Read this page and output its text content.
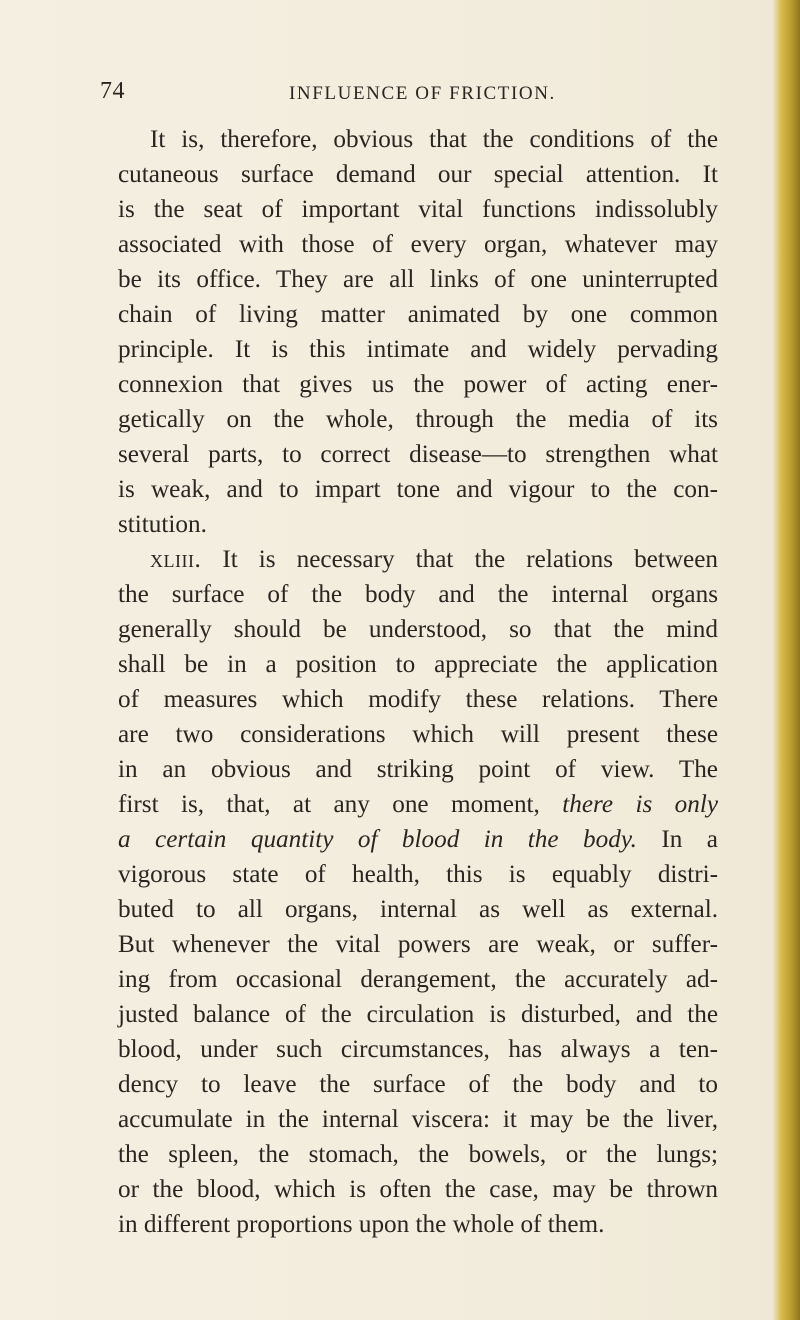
74	INFLUENCE OF FRICTION.
It is, therefore, obvious that the conditions of the
cutaneous surface demand our special attention. It
is the seat of important vital functions indissolubly
associated with those of every organ, whatever may
be its office. They are all links of one uninterrupted
chain of living matter animated by one common
principle. It is this intimate and widely pervading
connexion that gives us the power of acting ener-
getically on the whole, through the media of its
several parts, to correct disease—to strengthen what
is weak, and to impart tone and vigour to the con-
stitution.
xliii. It is necessary that the relations between
the surface of the body and the internal organs
generally should be understood, so that the mind
shall be in a position to appreciate the application
of measures which modify these relations. There
are two considerations which will present these
in an obvious and striking point of view. The
first is, that, at any one moment, there is only
a certain quantity of blood in the body. In a
vigorous state of health, this is equably distri-
buted to all organs, internal as well as external.
But whenever the vital powers are weak, or suffer-
ing from occasional derangement, the accurately ad-
justed balance of the circulation is disturbed, and the
blood, under such circumstances, has always a ten-
dency to leave the surface of the body and to
accumulate in the internal viscera: it may be the liver,
the spleen, the stomach, the bowels, or the lungs;
or the blood, which is often the case, may be thrown
in different proportions upon the whole of them.
